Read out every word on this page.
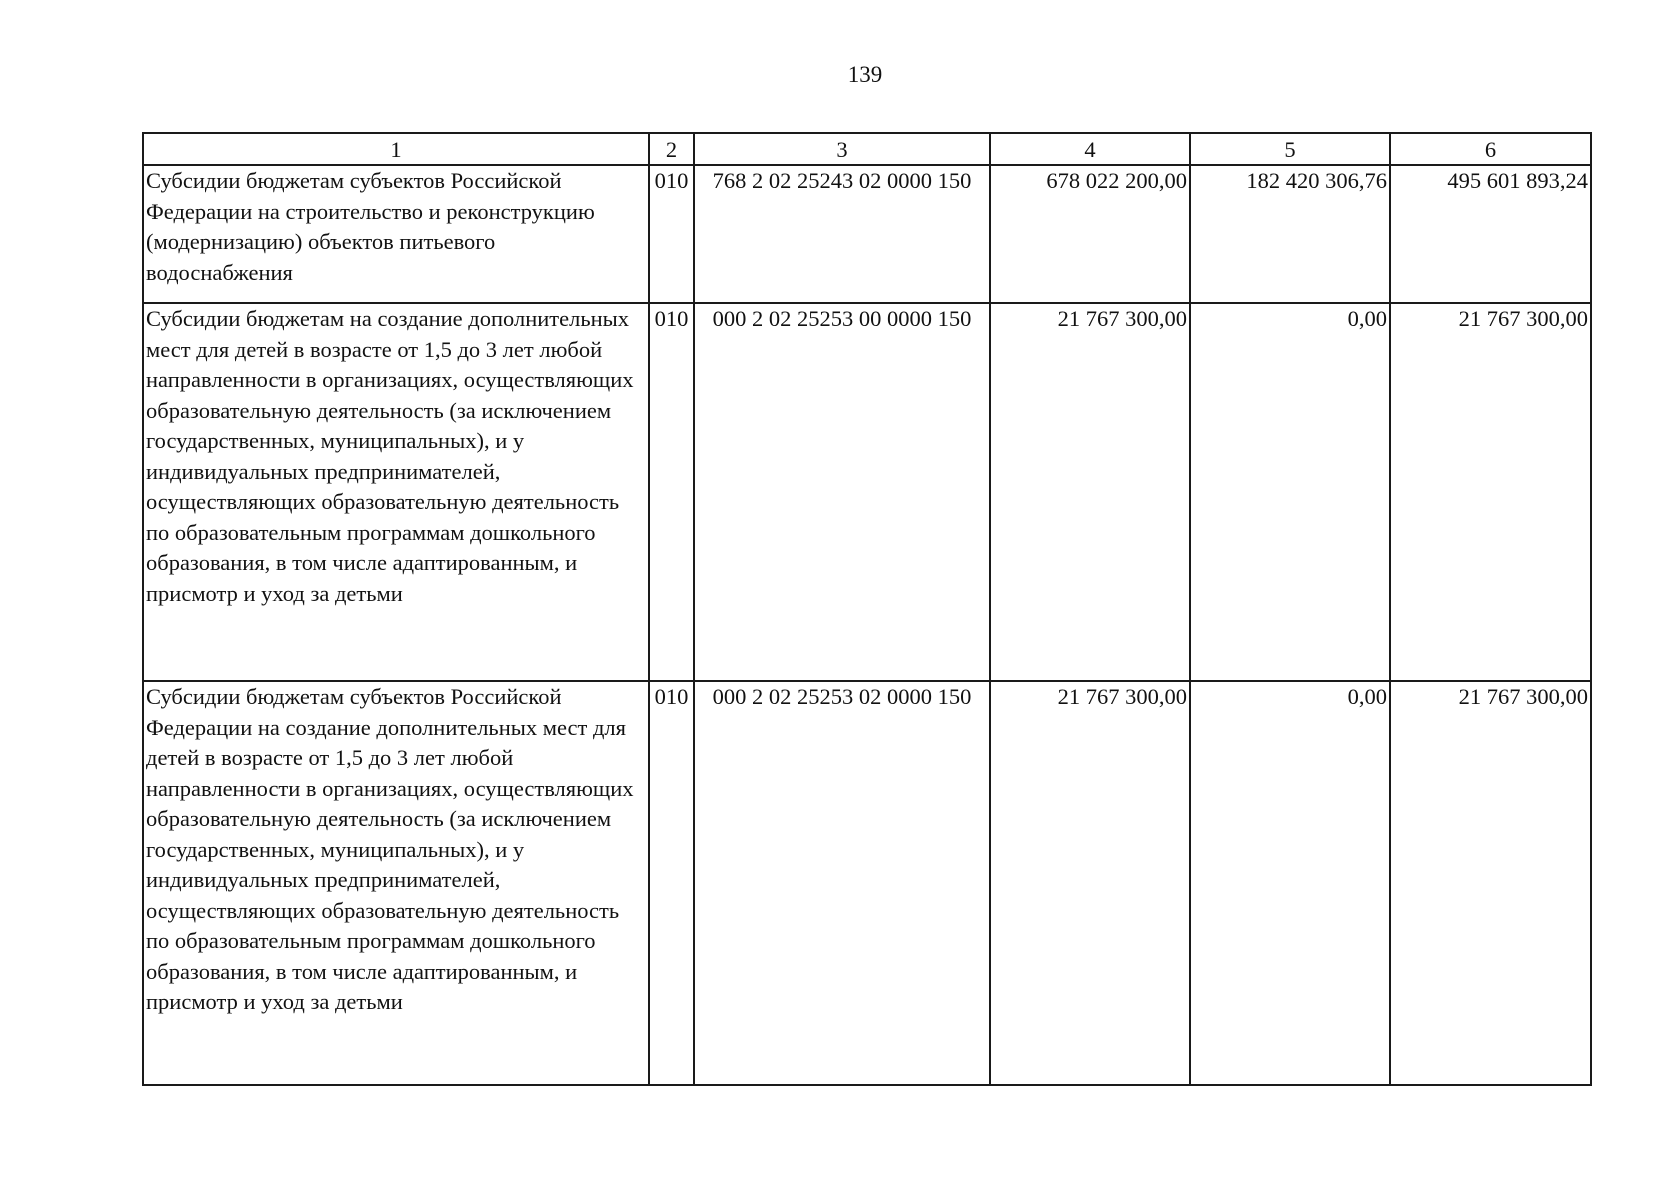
139
1	2	3	4	5	6
Субсидии бюджетам субъектов Российской Федерации на строительство и реконструкцию (модернизацию) объектов питьевого водоснабжения	010	768 2 02 25243 02 0000 150	678 022 200,00	182 420 306,76	495 601 893,24
Субсидии бюджетам на создание дополнительных мест для детей в возрасте от 1,5 до 3 лет любой направленности в организациях, осуществляющих образовательную деятельность (за исключением государственных, муниципальных), и у индивидуальных предпринимателей, осуществляющих образовательную деятельность по образовательным программам дошкольного образования, в том числе адаптированным, и присмотр и уход за детьми	010	000 2 02 25253 00 0000 150	21 767 300,00	0,00	21 767 300,00
Субсидии бюджетам субъектов Российской Федерации на создание дополнительных мест для детей в возрасте от 1,5 до 3 лет любой направленности в организациях, осуществляющих образовательную деятельность (за исключением государственных, муниципальных), и у индивидуальных предпринимателей, осуществляющих образовательную деятельность по образовательным программам дошкольного образования, в том числе адаптированным, и присмотр и уход за детьми	010	000 2 02 25253 02 0000 150	21 767 300,00	0,00	21 767 300,00
